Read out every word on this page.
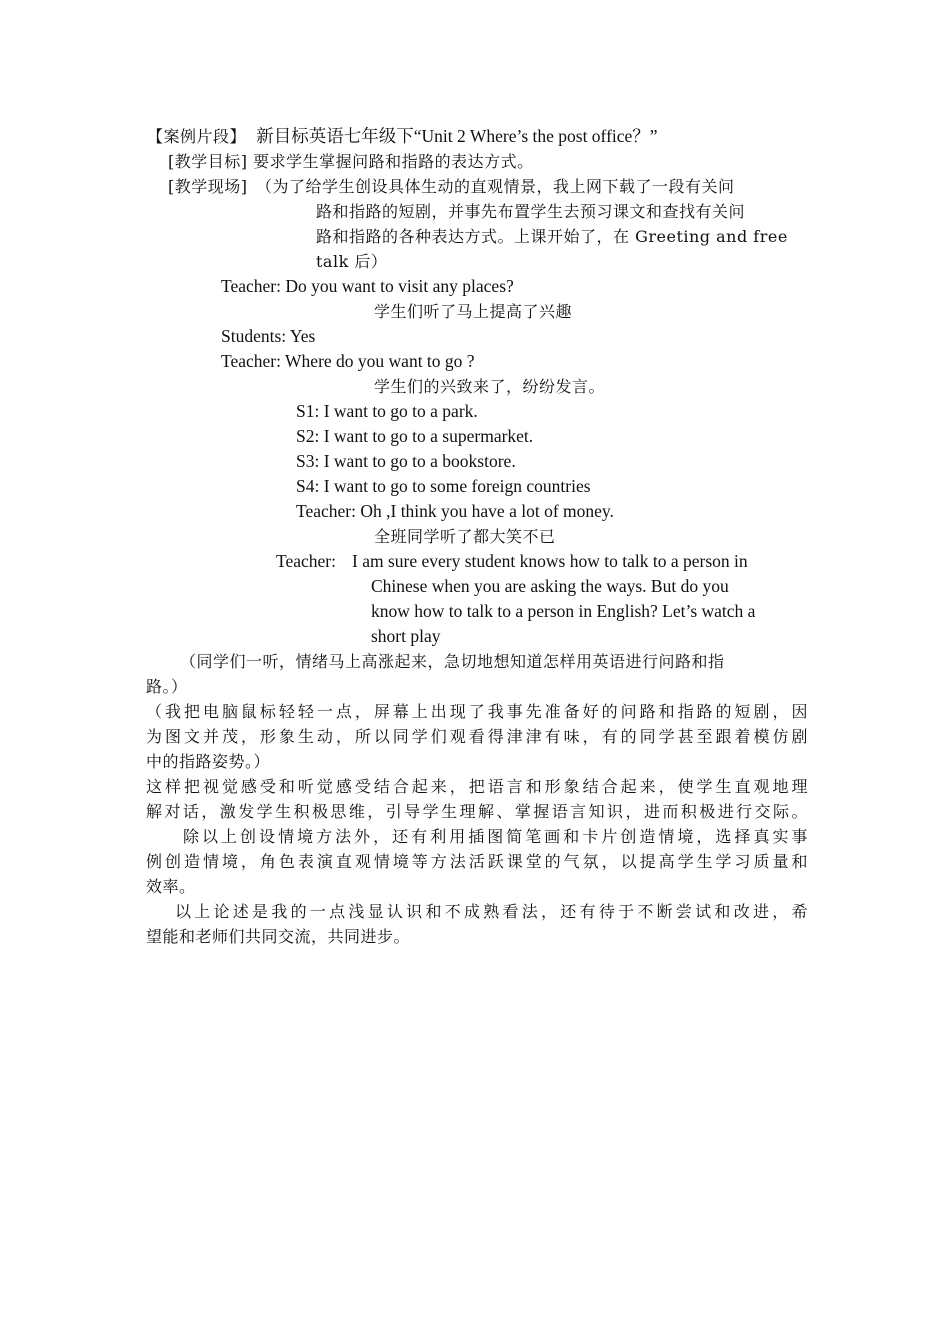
【案例片段】 新目标英语七年级下“Unit 2 Where’s the post office？”
[教学目标] 要求学生掌握问路和指路的表达方式。
[教学现场] （为了给学生创设具体生动的直观情景，我上网下载了一段有关问
路和指路的短剧，并事先布置学生去预习课文和查找有关问
路和指路的各种表达方式。上课开始了，在 Greeting and free
talk 后）
Teacher: Do you want to visit any places?
学生们听了马上提高了兴趣
Students: Yes
Teacher: Where do you want to go ?
学生们的兴致来了，纷纷发言。
S1: I want to go to a park.
S2: I want to go to a supermarket.
S3: I want to go to a bookstore.
S4: I want to go to some foreign countries
Teacher: Oh ,I think you have a lot of money.
全班同学听了都大笑不已
Teacher: I am sure every student knows how to talk to a person in
Chinese when you are asking the ways. But do you
know how to talk to a person in English? Let’s watch a
short play
（同学们一听，情绪马上高涨起来，急切地想知道怎样用英语进行问路和指
路。）
（我把电脑鼠标轻轻一点，屏幕上出现了我事先准备好的问路和指路的短剧，因
为图文并茂，形象生动，所以同学们观看得津津有味，有的同学甚至跟着模仿剧
中的指路姿势。）
这样把视觉感受和听觉感受结合起来，把语言和形象结合起来，使学生直观地理
解对话，激发学生积极思维，引导学生理解、掌握语言知识，进而积极进行交际。
除以上创设情境方法外，还有利用插图简笔画和卡片创造情境，选择真实事
例创造情境，角色表演直观情境等方法活跃课堂的气氛，以提高学生学习质量和
效率。
以上论述是我的一点浅显认识和不成熟看法，还有待于不断尝试和改进，希
望能和老师们共同交流，共同进步。
